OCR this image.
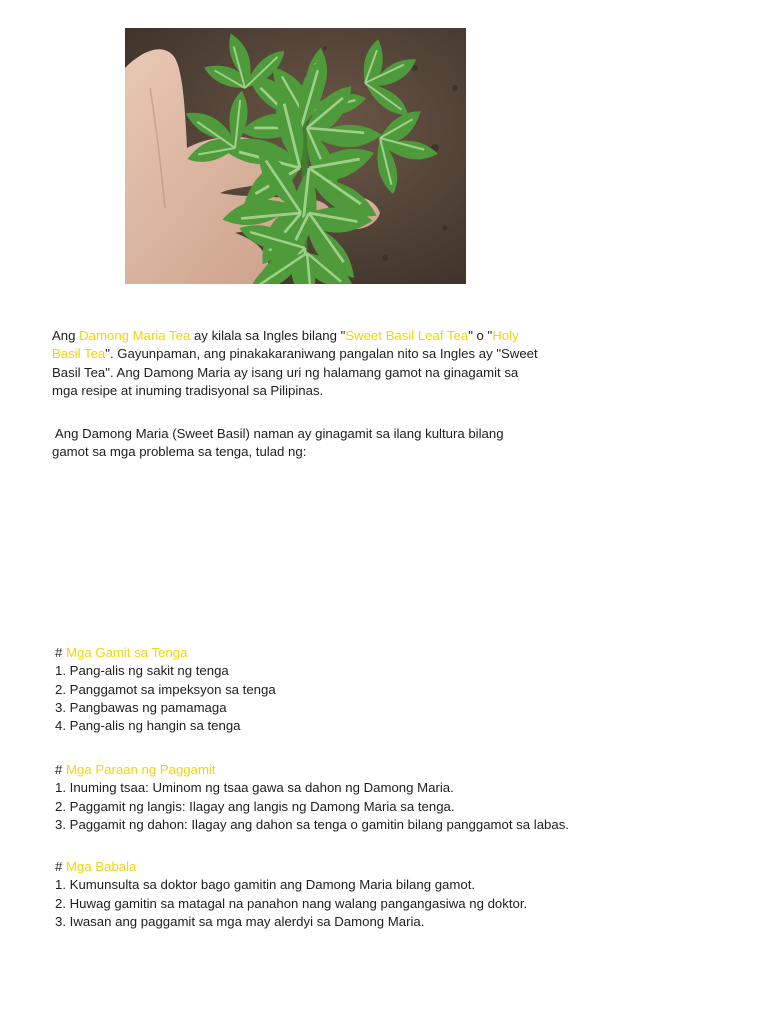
Ang Damong Maria Tea ay kilala sa Ingles bilang "Sweet Basil Leaf Tea" o "Holy
Basil Tea". Gayunpaman, ang pinakakaraniwang pangalan nito sa Ingles ay "Sweet
Basil Tea". Ang Damong Maria ay isang uri ng halamang gamot na ginagamit sa
mga resipe at inuming tradisyonal sa Pilipinas.

Ang Damong Maria (Sweet Basil) naman ay ginagamit sa ilang kultura bilang
gamot sa mga problema sa tenga, tulad ng:

# Mga Gamit sa Tenga
1. Pang-alis ng sakit ng tenga
2. Panggamot sa impeksyon sa tenga
3. Pangbawas ng pamamaga
4. Pang-alis ng hangin sa tenga
# Mga Paraan ng Paggamit
1. Inuming tsaa: Uminom ng tsaa gawa sa dahon ng Damong Maria.
2. Paggamit ng langis: Ilagay ang langis ng Damong Maria sa tenga.
3. Paggamit ng dahon: Ilagay ang dahon sa tenga o gamitin bilang panggamot sa labas.
# Mga Babala
1. Kumunsulta sa doktor bago gamitin ang Damong Maria bilang gamot.
2. Huwag gamitin sa matagal na panahon nang walang pangangasiwa ng doktor.
3. Iwasan ang paggamit sa mga may alerdyi sa Damong Maria.
